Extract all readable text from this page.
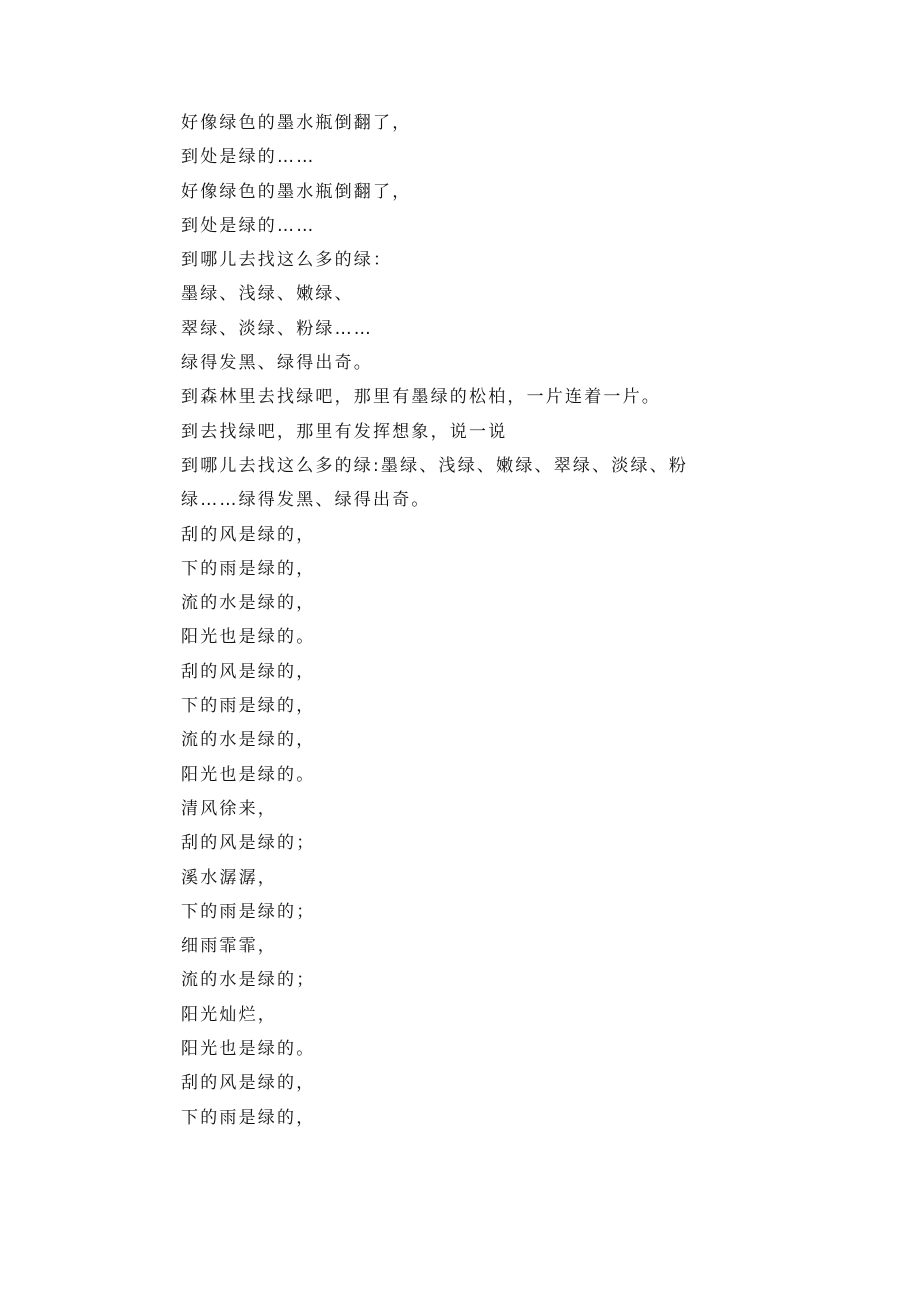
好像绿色的墨水瓶倒翻了，
到处是绿的……
好像绿色的墨水瓶倒翻了，
到处是绿的……
到哪儿去找这么多的绿：
墨绿、浅绿、嫩绿、
翠绿、淡绿、粉绿……
绿得发黑、绿得出奇。
到森林里去找绿吧，那里有墨绿的松柏，一片连着一片。
到去找绿吧，那里有发挥想象，说一说
到哪儿去找这么多的绿:墨绿、浅绿、嫩绿、翠绿、淡绿、粉绿……绿得发黑、绿得出奇。
刮的风是绿的，
下的雨是绿的，
流的水是绿的，
阳光也是绿的。
刮的风是绿的，
下的雨是绿的，
流的水是绿的，
阳光也是绿的。
清风徐来，
刮的风是绿的；
溪水潺潺，
下的雨是绿的；
细雨霏霏，
流的水是绿的；
阳光灿烂，
阳光也是绿的。
刮的风是绿的，
下的雨是绿的，
